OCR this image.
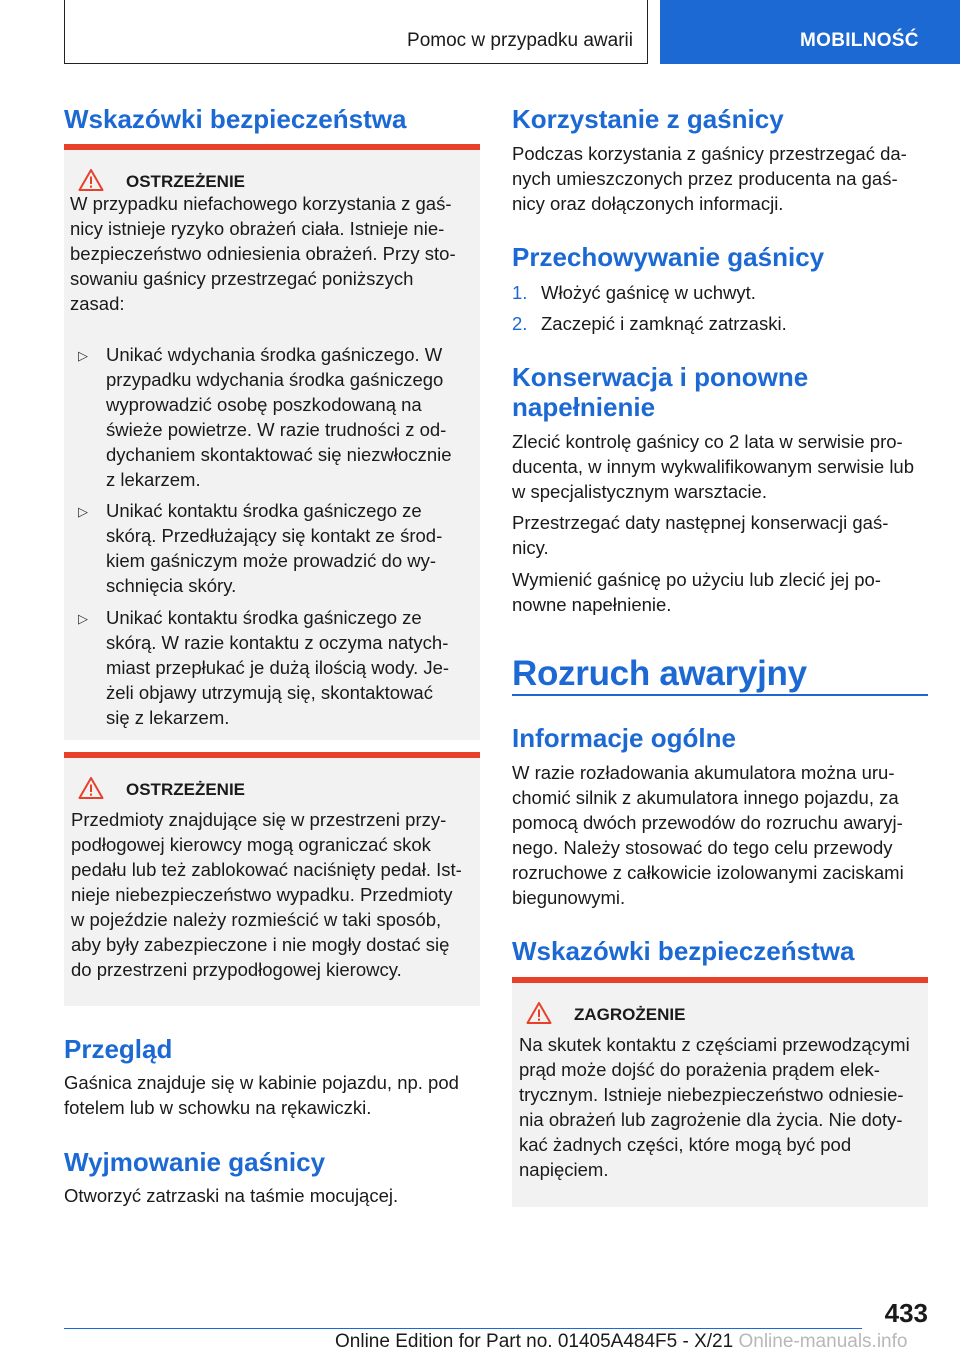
Pomoc w przypadku awarii	MOBILNOŚĆ
Wskazówki bezpieczeństwa
OSTRZEŻENIE
W przypadku niefachowego korzystania z gaś-
nicy istnieje ryzyko obrażeń ciała. Istnieje nie-
bezpieczeństwo odniesienia obrażeń. Przy sto-
sowaniu gaśnicy przestrzegać poniższych
zasad:
▷ Unikać wdychania środka gaśniczego. W
przypadku wdychania środka gaśniczego
wyprowadzić osobę poszkodowaną na
świeże powietrze. W razie trudności z od-
dychaniem skontaktować się niezwłocznie
z lekarzem.
▷ Unikać kontaktu środka gaśniczego ze
skórą. Przedłużający się kontakt ze środ-
kiem gaśniczym może prowadzić do wy-
schnięcia skóry.
▷ Unikać kontaktu środka gaśniczego ze
skórą. W razie kontaktu z oczyma natych-
miast przepłukać je dużą ilością wody. Je-
żeli objawy utrzymują się, skontaktować
się z lekarzem.
OSTRZEŻENIE
Przedmioty znajdujące się w przestrzeni przy-
podłogowej kierowcy mogą ograniczać skok
pedału lub też zablokować naciśnięty pedał. Ist-
nieje niebezpieczeństwo wypadku. Przedmioty
w pojeździe należy rozmieścić w taki sposób,
aby były zabezpieczone i nie mogły dostać się
do przestrzeni przypodłogowej kierowcy.
Przegląd
Gaśnica znajduje się w kabinie pojazdu, np. pod
fotelem lub w schowku na rękawiczki.
Wyjmowanie gaśnicy
Otworzyć zatrzaski na taśmie mocującej.
Korzystanie z gaśnicy
Podczas korzystania z gaśnicy przestrzegać da-
nych umieszczonych przez producenta na gaś-
nicy oraz dołączonych informacji.
Przechowywanie gaśnicy
1. Włożyć gaśnicę w uchwyt.
2. Zaczepić i zamknąć zatrzaski.
Konserwacja i ponowne
napełnienie
Zlecić kontrolę gaśnicy co 2 lata w serwisie pro-
ducenta, w innym wykwalifikowanym serwisie lub
w specjalistycznym warsztacie.
Przestrzegać daty następnej konserwacji gaś-
nicy.
Wymienić gaśnicę po użyciu lub zlecić jej po-
nowne napełnienie.
Rozruch awaryjny
Informacje ogólne
W razie rozładowania akumulatora można uru-
chomić silnik z akumulatora innego pojazdu, za
pomocą dwóch przewodów do rozruchu awaryj-
nego. Należy stosować do tego celu przewody
rozruchowe z całkowicie izolowanymi zaciskami
biegunowymi.
Wskazówki bezpieczeństwa
ZAGROŻENIE
Na skutek kontaktu z częściami przewodzącymi
prąd może dojść do porażenia prądem elek-
trycznym. Istnieje niebezpieczeństwo odniesie-
nia obrażeń lub zagrożenie dla życia. Nie doty-
kać żadnych części, które mogą być pod
napięciem.
433
Online Edition for Part no. 01405A484F5 - X/21 Online-manuals.info
